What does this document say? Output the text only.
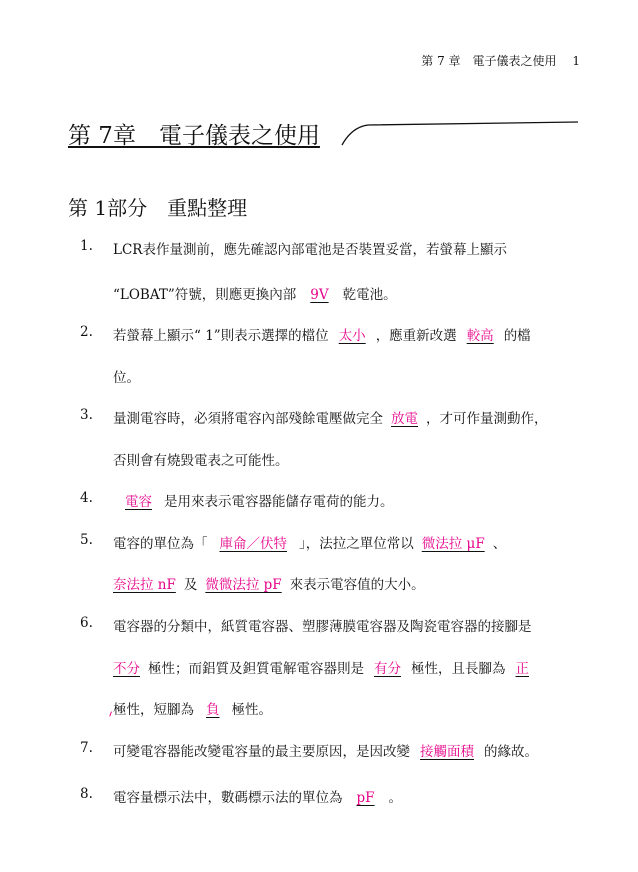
第 7 章　電子儀表之使用　 1
第 7章　電子儀表之使用
第 1部分　重點整理
1. LCR表作量測前，應先確認內部電池是否裝置妥當，若螢幕上顯示
“LOBAT”符號，則應更換內部 9V 乾電池。
2. 若螢幕上顯示“ 1”則表示選擇的檔位 太小 ，應重新改選 較高 的檔
位。
3. 量測電容時，必須將電容內部殘餘電壓做完全 放電 ，才可作量測動作，
否則會有燒毀電表之可能性。
4.	電容 是用來表示電容器能儲存電荷的能力。
5. 電容的單位為「 庫侖／伏特 」，法拉之單位常以 微法拉 μF 、
奈法拉 nF 及 微微法拉 pF 來表示電容值的大小。
6. 電容器的分類中，紙質電容器、塑膠薄膜電容器及陶瓷電容器的接腳是
不分 極性；而鋁質及鉭質電解電容器則是 有分 極性，且長腳為 正
極性，短腳為 負 極性。
7. 可變電容器能改變電容量的最主要原因，是因改變 接觸面積 的緣故。
8. 電容量標示法中，數碼標示法的單位為 pF 。
